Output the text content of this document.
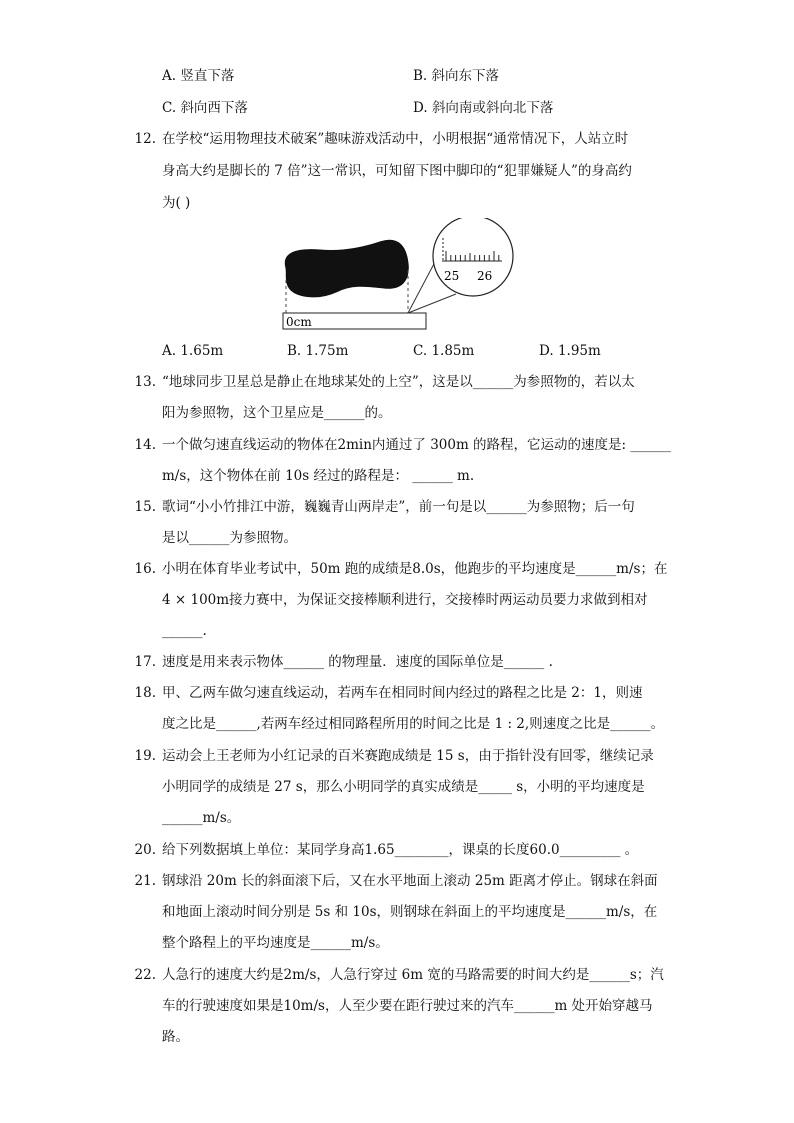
A. 竖直下落	B. 斜向东下落
C. 斜向西下落	D. 斜向南或斜向北下落
12. 在学校“运用物理技术破案”趣味游戏活动中，小明根据“通常情况下，人站立时
身高大约是脚长的 7 倍”这一常识，可知留下图中脚印的“犯罪嫌疑人”的身高约
为( )
0cm
25 26
A. 1.65m	B. 1.75m	C. 1.85m	D. 1.95m
13. “地球同步卫星总是静止在地球某处的上空”，这是以______为参照物的，若以太
阳为参照物，这个卫星应是______的。
14. 一个做匀速直线运动的物体在2min内通过了 300m 的路程，它运动的速度是: ______
m/s，这个物体在前 10s 经过的路程是： ______ m.
15. 歌词“小小竹排江中游，巍巍青山两岸走”，前一句是以______为参照物；后一句
是以______为参照物。
16. 小明在体育毕业考试中，50m 跑的成绩是8.0s，他跑步的平均速度是______m/s；在
4 × 100m接力赛中，为保证交接棒顺利进行，交接棒时两运动员要力求做到相对
______.
17. 速度是用来表示物体______ 的物理量．速度的国际单位是______ .
18. 甲、乙两车做匀速直线运动，若两车在相同时间内经过的路程之比是 2：1，则速
度之比是______,若两车经过相同路程所用的时间之比是 1 : 2,则速度之比是______。
19. 运动会上王老师为小红记录的百米赛跑成绩是 15 s，由于指针没有回零，继续记录
小明同学的成绩是 27 s，那么小明同学的真实成绩是_____ s，小明的平均速度是
______m/s。
20. 给下列数据填上单位：某同学身高1.65________，课桌的长度60.0_________ 。
21. 钢球沿 20m 长的斜面滚下后，又在水平地面上滚动 25m 距离才停止。钢球在斜面
和地面上滚动时间分别是 5s 和 10s，则钢球在斜面上的平均速度是______m/s，在
整个路程上的平均速度是______m/s。
22. 人急行的速度大约是2m/s，人急行穿过 6m 宽的马路需要的时间大约是______s；汽
车的行驶速度如果是10m/s，人至少要在距行驶过来的汽车______m 处开始穿越马
路。
